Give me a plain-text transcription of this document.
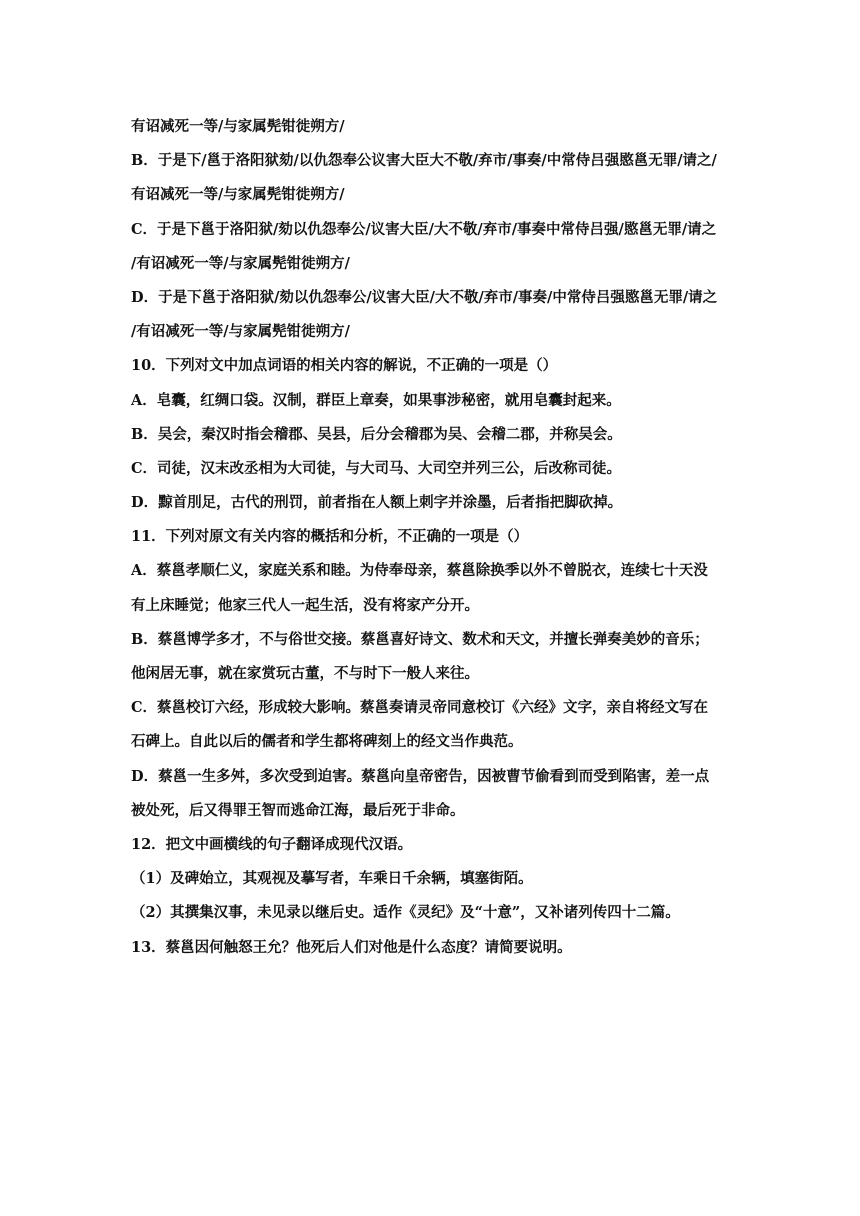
有诏减死一等/与家属髡钳徙朔方/
B．于是下/邕于洛阳狱劾/以仇怨奉公议害大臣大不敬/弃市/事奏/中常侍吕强愍邕无罪/请之/
有诏减死一等/与家属髡钳徙朔方/
C．于是下邕于洛阳狱/劾以仇怨奉公/议害大臣/大不敬/弃市/事奏中常侍吕强/愍邕无罪/请之
/有诏减死一等/与家属髡钳徙朔方/
D．于是下邕于洛阳狱/劾以仇怨奉公/议害大臣/大不敬/弃市/事奏/中常侍吕强愍邕无罪/请之
/有诏减死一等/与家属髡钳徙朔方/
10．下列对文中加点词语的相关内容的解说，不正确的一项是（）
A．皂囊，红绸口袋。汉制，群臣上章奏，如果事涉秘密，就用皂囊封起来。
B．吴会，秦汉时指会稽郡、吴县，后分会稽郡为吴、会稽二郡，并称吴会。
C．司徒，汉末改丞相为大司徒，与大司马、大司空并列三公，后改称司徒。
D．黥首刖足，古代的刑罚，前者指在人额上刺字并涂墨，后者指把脚砍掉。
11．下列对原文有关内容的概括和分析，不正确的一项是（）
A．蔡邕孝顺仁义，家庭关系和睦。为侍奉母亲，蔡邕除换季以外不曾脱衣，连续七十天没
有上床睡觉；他家三代人一起生活，没有将家产分开。
B．蔡邕博学多才，不与俗世交接。蔡邕喜好诗文、数术和天文，并擅长弹奏美妙的音乐；
他闲居无事，就在家赏玩古董，不与时下一般人来往。
C．蔡邕校订六经，形成较大影响。蔡邕奏请灵帝同意校订《六经》文字，亲自将经文写在
石碑上。自此以后的儒者和学生都将碑刻上的经文当作典范。
D．蔡邕一生多舛，多次受到迫害。蔡邕向皇帝密告，因被曹节偷看到而受到陷害，差一点
被处死，后又得罪王智而逃命江海，最后死于非命。
12．把文中画横线的句子翻译成现代汉语。
（1）及碑始立，其观视及摹写者，车乘日千余辆，填塞街陌。
（2）其撰集汉事，未见录以继后史。适作《灵纪》及“十意”，又补诸列传四十二篇。
13．蔡邕因何触怒王允？他死后人们对他是什么态度？请简要说明。
